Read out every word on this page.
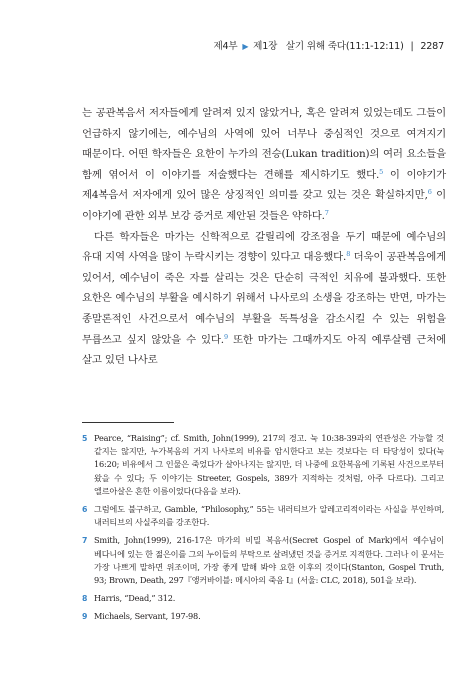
제4부 ▶ 제1장 살기 위해 죽다(11:1-12:11) | 2287

는 공관복음서 저자들에게 알려져 있지 않았거나, 혹은 알려져 있었는데도 그들이 언급하지 않기에는, 예수님의 사역에 있어 너무나 중심적인 것으로 여겨지기 때문이다. 어떤 학자들은 요한이 누가의 전승(Lukan tradition)의 여러 요소들을 함께 엮어서 이 이야기를 저술했다는 견해를 제시하기도 했다.$^5$ 이 이야기가 제4복음서 저자에게 있어 많은 상징적인 의미를 갖고 있는 것은 확실하지만,$^6$ 이 이야기에 관한 외부 보강 증거로 제안된 것들은 약하다.$^7$

다른 학자들은 마가는 신학적으로 갈릴리에 강조점을 두기 때문에 예수님의 유대 지역 사역을 많이 누락시키는 경향이 있다고 대응했다.$^8$ 더욱이 공관복음에게 있어서, 예수님이 죽은 자를 살리는 것은 단순히 극적인 치유에 불과했다. 또한 요한은 예수님의 부활을 예시하기 위해서 나사로의 소생을 강조하는 반면, 마가는 종말론적인 사건으로서 예수님의 부활을 독특성을 감소시킬 수 있는 위험을 무릅쓰고 싶지 않았을 수 있다.$^9$ 또한 마가는 그때까지도 아직 예루살렘 근처에 살고 있던 나사로

5 Pearce, “Raising”; cf. Smith, John(1999), 217의 경고. 눅 10:38-39과의 연관성은 가능할 것 같지는 않지만, 누가복음의 거지 나사로의 비유를 암시한다고 보는 것보다는 더 타당성이 있다(눅 16:20; 비유에서 그 인물은 죽었다가 살아나지는 않지만, 더 나중에 요한복음에 기록된 사건으로부터 왔을 수 있다; 두 이야기는 Streeter, Gospels, 389가 지적하는 것처럼, 아주 다르다). 그리고 엘르아살은 흔한 이름이었다(다음을 보라).
6 그럼에도 불구하고, Gamble, “Philosophy,” 55는 내러티브가 알레고리적이라는 사실을 부인하며, 내러티브의 사실주의를 강조한다.
7 Smith, John(1999), 216-17은 마가의 비밀 복음서(Secret Gospel of Mark)에서 예수님이 베다니에 있는 한 젊은이를 그의 누이들의 부탁으로 살려냈던 것을 증거로 지적한다. 그러나 이 문서는 가장 나쁘게 말하면 위조이며, 가장 좋게 말해 봐야 요한 이후의 것이다(Stanton, Gospel Truth, 93; Brown, Death, 297『앵커바이블: 메시아의 죽음 I』(서울: CLC, 2018), 501을 보라).
8 Harris, “Dead,” 312.
9 Michaels, Servant, 197-98.
